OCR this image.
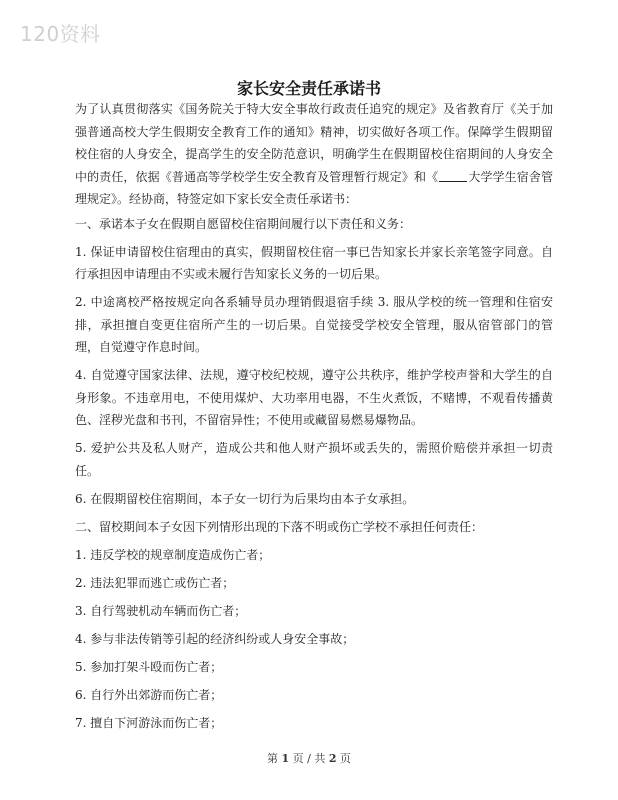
120资料
家长安全责任承诺书

为了认真贯彻落实《国务院关于特大安全事故行政责任追究的规定》及省教育厅《关于加强普通高校大学生假期安全教育工作的通知》精神，切实做好各项工作。保障学生假期留校住宿的人身安全，提高学生的安全防范意识，明确学生在假期留校住宿期间的人身安全中的责任，依据《普通高等学校学生安全教育及管理暂行规定》和《	大学学生宿舍管理规定》。经协商，特签定如下家长安全责任承诺书：

一、承诺本子女在假期自愿留校住宿期间履行以下责任和义务：

1. 保证申请留校住宿理由的真实，假期留校住宿一事已告知家长并家长亲笔签字同意。自行承担因申请理由不实或未履行告知家长义务的一切后果。

2. 中途离校严格按规定向各系辅导员办理销假退宿手续 3. 服从学校的统一管理和住宿安排，承担擅自变更住宿所产生的一切后果。自觉接受学校安全管理，服从宿管部门的管理，自觉遵守作息时间。

4. 自觉遵守国家法律、法规，遵守校纪校规，遵守公共秩序，维护学校声誉和大学生的自身形象。不违章用电，不使用煤炉、大功率用电器，不生火煮饭，不赌博，不观看传播黄色、淫秽光盘和书刊，不留宿异性；不使用或藏留易燃易爆物品。

5. 爱护公共及私人财产，造成公共和他人财产损坏或丢失的，需照价赔偿并承担一切责任。

6. 在假期留校住宿期间，本子女一切行为后果均由本子女承担。

二、留校期间本子女因下列情形出现的下落不明或伤亡学校不承担任何责任：

1. 违反学校的规章制度造成伤亡者；

2. 违法犯罪而逃亡或伤亡者；

3. 自行驾驶机动车辆而伤亡者；

4. 参与非法传销等引起的经济纠纷或人身安全事故；

5. 参加打架斗殴而伤亡者；

6. 自行外出郊游而伤亡者；

7. 擅自下河游泳而伤亡者；

第 1 页 / 共 2 页
